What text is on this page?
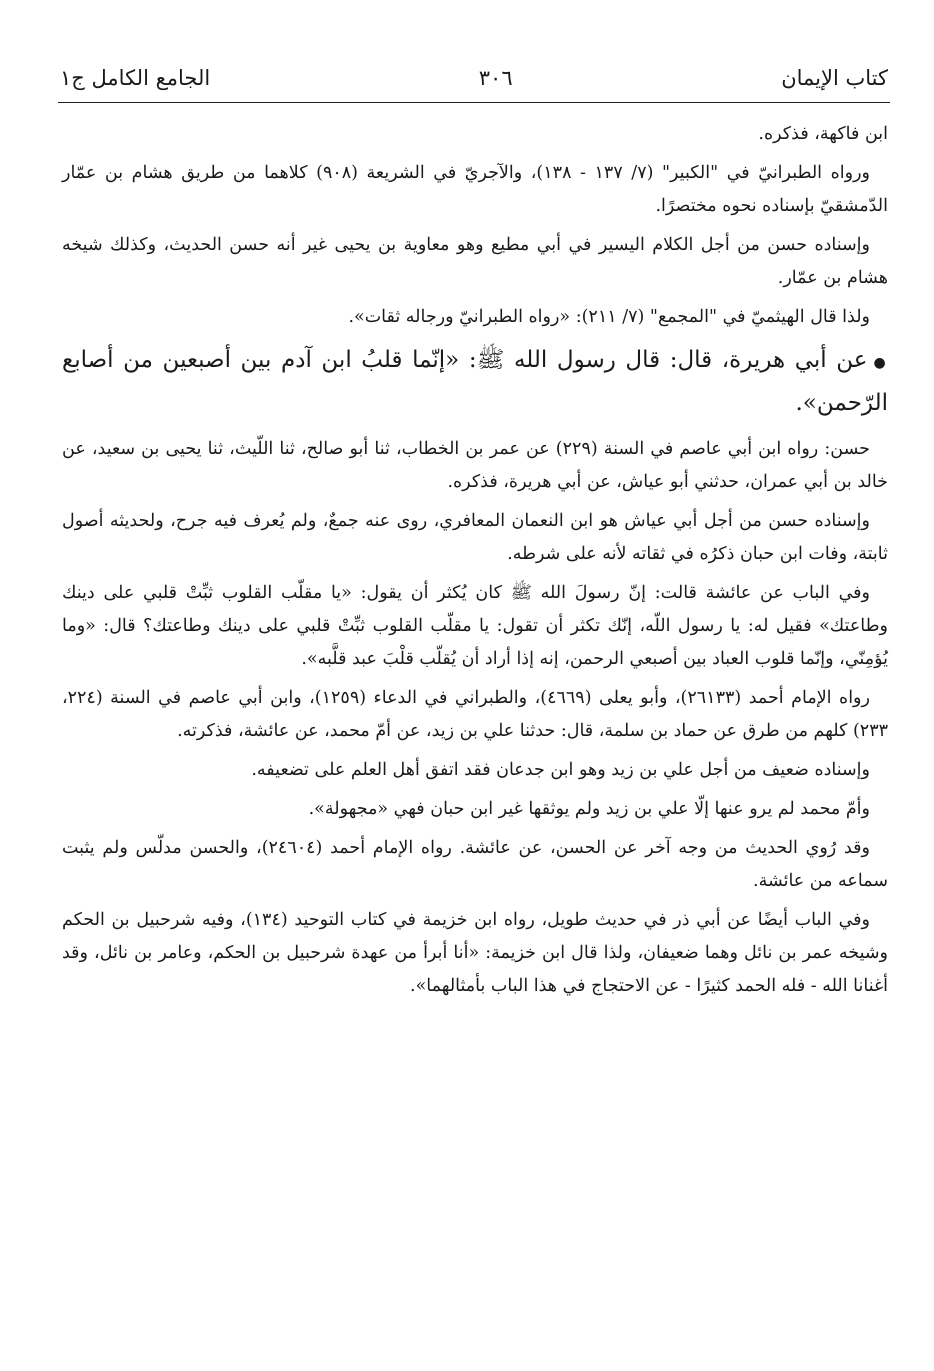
كتاب الإيمان
٣٠٦
الجامع الكامل ج١

ابن فاكهة، فذكره.

ورواه الطبرانيّ في "الكبير" (٧/ ١٣٧ - ١٣٨)، والآجريّ في الشريعة (٩٠٨) كلاهما من طريق هشام بن عمّار الدّمشقيّ بإسناده نحوه مختصرًا.

وإسناده حسن من أجل الكلام اليسير في أبي مطيع وهو معاوية بن يحيى غير أنه حسن الحديث، وكذلك شيخه هشام بن عمّار.

ولذا قال الهيثميّ في "المجمع" (٧/ ٢١١): «رواه الطبرانيّ ورجاله ثقات».

●عن أبي هريرة، قال: قال رسول الله ﷺ: «إنّما قلبُ ابن آدم بين أصبعين من أصابع الرّحمن».

حسن: رواه ابن أبي عاصم في السنة (٢٢٩) عن عمر بن الخطاب، ثنا أبو صالح، ثنا اللّيث، ثنا يحيى بن سعيد، عن خالد بن أبي عمران، حدثني أبو عياش، عن أبي هريرة، فذكره.

وإسناده حسن من أجل أبي عياش هو ابن النعمان المعافري، روى عنه جمعٌ، ولم يُعرف فيه جرح، ولحديثه أصول ثابتة، وفات ابن حبان ذكرُه في ثقاته لأنه على شرطه.

وفي الباب عن عائشة قالت: إنّ رسولَ الله ﷺ كان يُكثر أن يقول: «يا مقلّب القلوب ثبِّتْ قلبي على دينك وطاعتك» فقيل له: يا رسول اللّه، إنّك تكثر أن تقول: يا مقلّب القلوب ثبِّتْ قلبي على دينك وطاعتك؟ قال: «وما يُؤمِنّي، وإنّما قلوب العباد بين أصبعي الرحمن، إنه إذا أراد أن يُقلّب قلْبَ عبد قلَّبه».

رواه الإمام أحمد (٢٦١٣٣)، وأبو يعلى (٤٦٦٩)، والطبراني في الدعاء (١٢٥٩)، وابن أبي عاصم في السنة (٢٢٤، ٢٣٣) كلهم من طرق عن حماد بن سلمة، قال: حدثنا علي بن زيد، عن أمّ محمد، عن عائشة، فذكرته.

وإسناده ضعيف من أجل علي بن زيد وهو ابن جدعان فقد اتفق أهل العلم على تضعيفه.

وأمّ محمد لم يرو عنها إلّا علي بن زيد ولم يوثقها غير ابن حبان فهي «مجهولة».

وقد رُوي الحديث من وجه آخر عن الحسن، عن عائشة. رواه الإمام أحمد (٢٤٦٠٤)، والحسن مدلّس ولم يثبت سماعه من عائشة.

وفي الباب أيضًا عن أبي ذر في حديث طويل، رواه ابن خزيمة في كتاب التوحيد (١٣٤)، وفيه شرحبيل بن الحكم وشيخه عمر بن نائل وهما ضعيفان، ولذا قال ابن خزيمة: «أنا أبرأ من عهدة شرحبيل بن الحكم، وعامر بن نائل، وقد أغنانا الله - فله الحمد كثيرًا - عن الاحتجاج في هذا الباب بأمثالهما».
